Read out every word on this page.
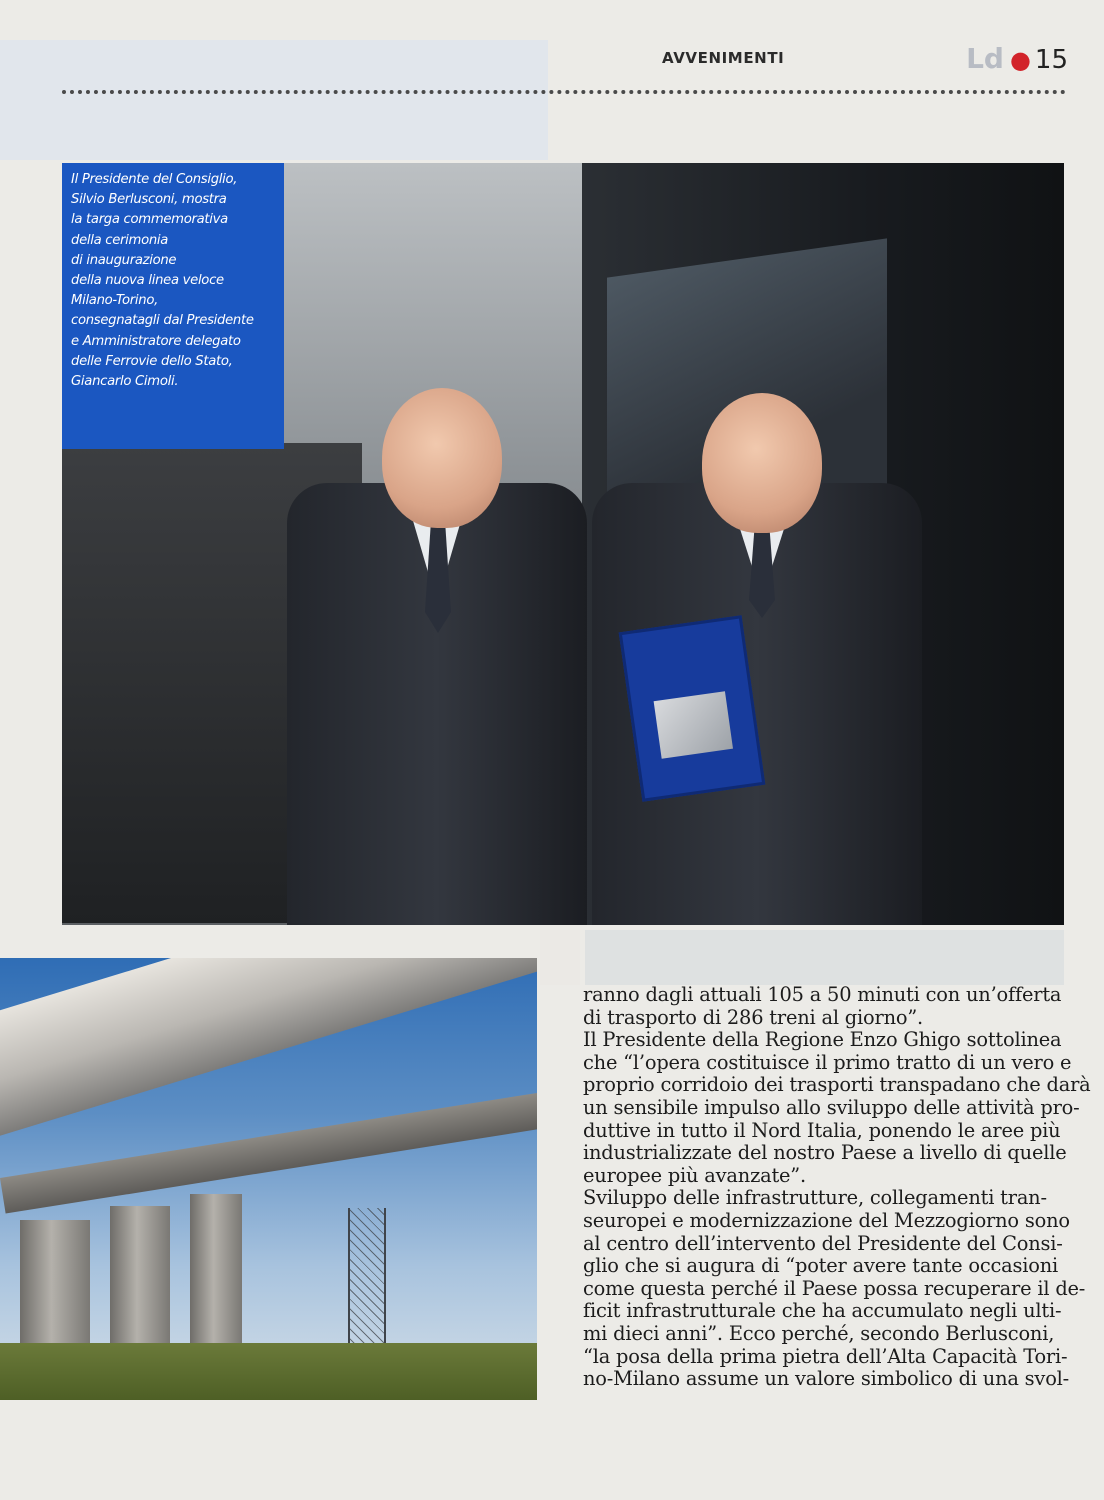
AVVENIMENTI	Ld ● 15
Il Presidente del Consiglio,
Silvio Berlusconi, mostra
la targa commemorativa
della cerimonia
di inaugurazione
della nuova linea veloce
Milano-Torino,
consegnatagli dal Presidente
e Amministratore delegato
delle Ferrovie dello Stato,
Giancarlo Cimoli.
ranno dagli attuali 105 a 50 minuti con un’offerta
di trasporto di 286 treni al giorno”.
Il Presidente della Regione Enzo Ghigo sottolinea
che “l’opera costituisce il primo tratto di un vero e
proprio corridoio dei trasporti transpadano che darà
un sensibile impulso allo sviluppo delle attività pro-
duttive in tutto il Nord Italia, ponendo le aree più
industrializzate del nostro Paese a livello di quelle
europee più avanzate”.
Sviluppo delle infrastrutture, collegamenti tran-
seuropei e modernizzazione del Mezzogiorno sono
al centro dell’intervento del Presidente del Consi-
glio che si augura di “poter avere tante occasioni
come questa perché il Paese possa recuperare il de-
ficit infrastrutturale che ha accumulato negli ulti-
mi dieci anni”. Ecco perché, secondo Berlusconi,
“la posa della prima pietra dell’Alta Capacità Tori-
no-Milano assume un valore simbolico di una svol-
